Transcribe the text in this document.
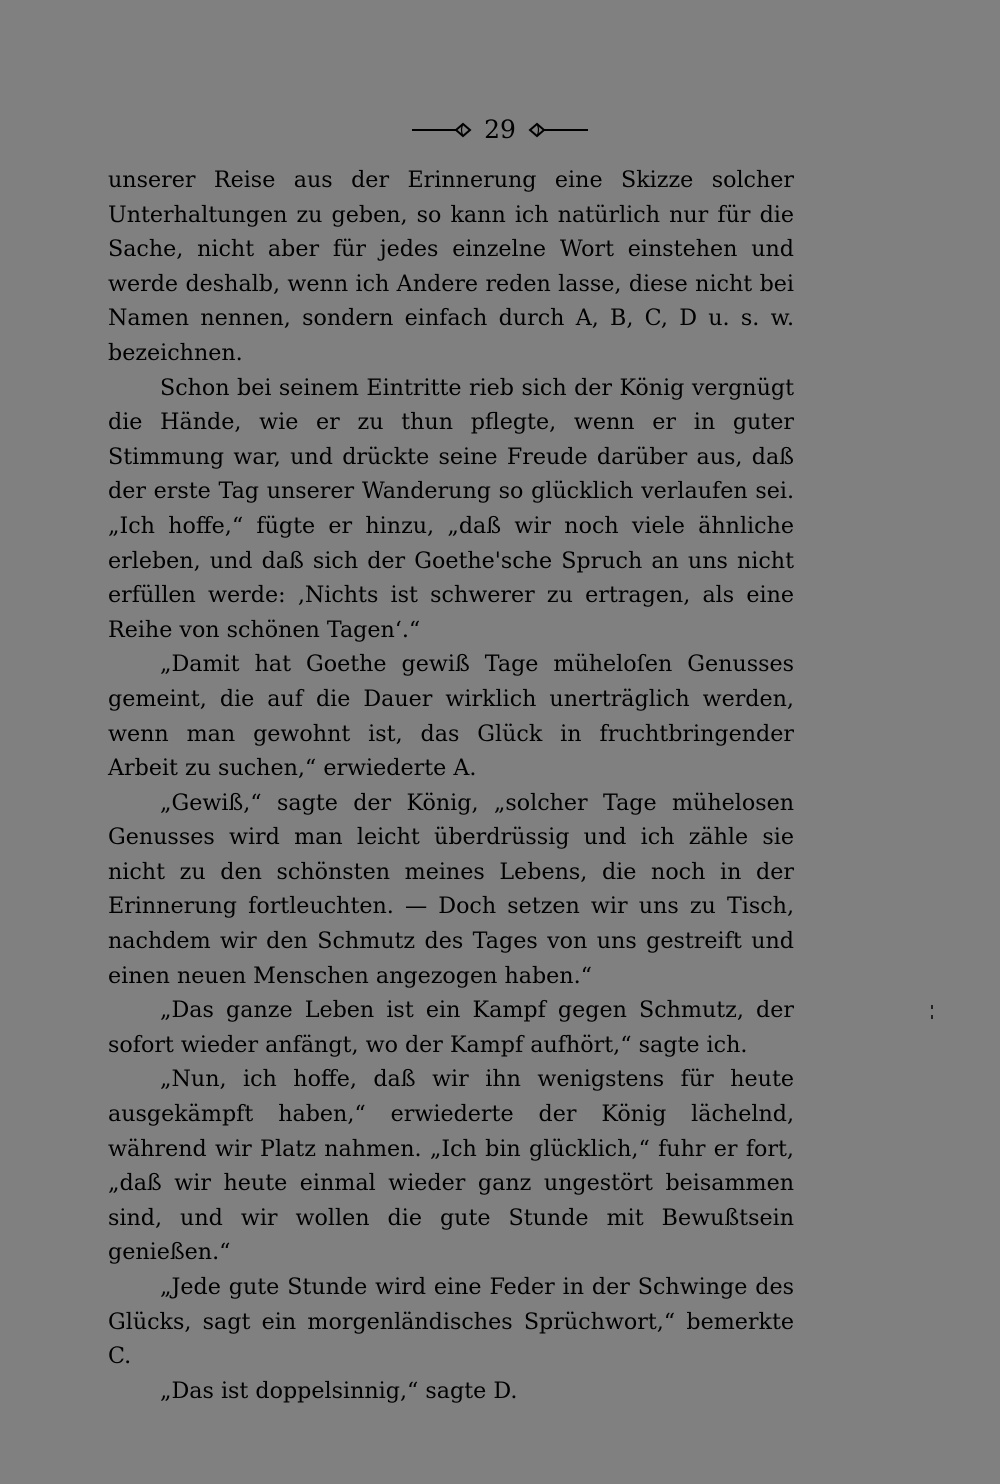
29

unserer Reise aus der Erinnerung eine Skizze solcher Unterhaltungen zu geben, so kann ich natürlich nur für die Sache, nicht aber für jedes einzelne Wort einstehen und werde deshalb, wenn ich Andere reden lasse, diese nicht bei Namen nennen, sondern einfach durch A, B, C, D u. s. w. bezeichnen.

Schon bei seinem Eintritte rieb sich der König vergnügt die Hände, wie er zu thun pflegte, wenn er in guter Stimmung war, und drückte seine Freude darüber aus, daß der erste Tag unserer Wanderung so glücklich verlaufen sei. „Ich hoffe,“ fügte er hinzu, „daß wir noch viele ähnliche erleben, und daß sich der Goethe'sche Spruch an uns nicht erfüllen werde: ‚Nichts ist schwerer zu ertragen, als eine Reihe von schönen Tagen‘.“

„Damit hat Goethe gewiß Tage müheloſen Genusses gemeint, die auf die Dauer wirklich unerträglich werden, wenn man gewohnt ist, das Glück in fruchtbringender Arbeit zu suchen,“ erwiederte A.

„Gewiß,“ sagte der König, „solcher Tage mühelosen Genusses wird man leicht überdrüssig und ich zähle sie nicht zu den schönsten meines Lebens, die noch in der Erinnerung fortleuchten. — Doch setzen wir uns zu Tisch, nachdem wir den Schmutz des Tages von uns gestreift und einen neuen Menschen angezogen haben.“

„Das ganze Leben ist ein Kampf gegen Schmutz, der sofort wieder anfängt, wo der Kampf aufhört,“ sagte ich.

„Nun, ich hoffe, daß wir ihn wenigstens für heute ausgekämpft haben,“ erwiederte der König lächelnd, während wir Platz nahmen. „Ich bin glücklich,“ fuhr er fort, „daß wir heute einmal wieder ganz ungestört beisammen sind, und wir wollen die gute Stunde mit Bewußtsein genießen.“

„Jede gute Stunde wird eine Feder in der Schwinge des Glücks, sagt ein morgenländisches Sprüchwort,“ bemerkte C.

„Das ist doppelsinnig,“ sagte D.
